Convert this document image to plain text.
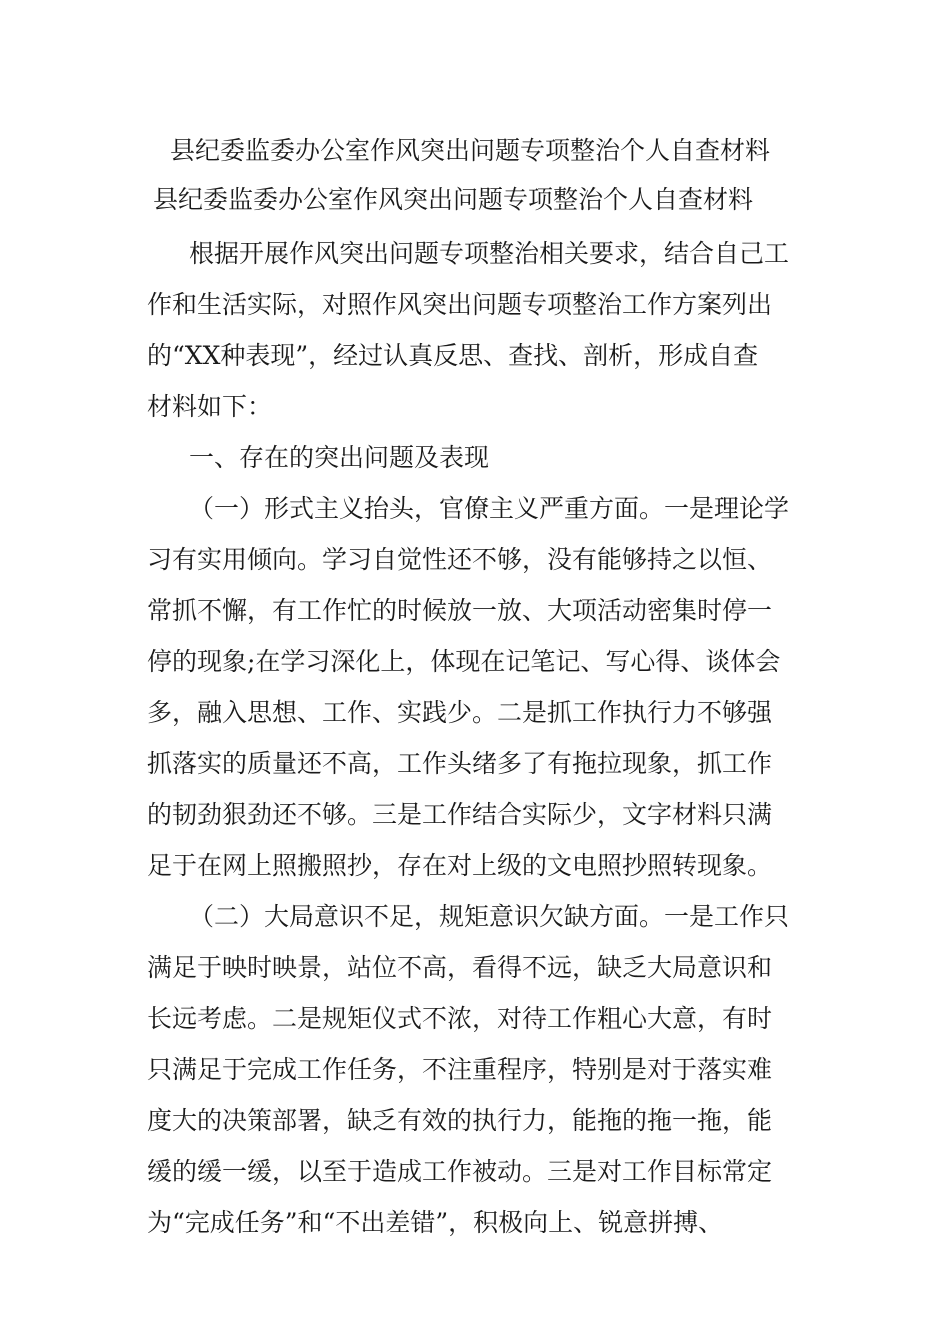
县纪委监委办公室作风突出问题专项整治个人自查材料
县纪委监委办公室作风突出问题专项整治个人自查材料
根据开展作风突出问题专项整治相关要求，结合自己工
作和生活实际，对照作风突出问题专项整治工作方案列出
的“XX种表现”，经过认真反思、查找、剖析，形成自查
材料如下：
一、存在的突出问题及表现
（一）形式主义抬头，官僚主义严重方面。一是理论学
习有实用倾向。学习自觉性还不够，没有能够持之以恒、
常抓不懈，有工作忙的时候放一放、大项活动密集时停一
停的现象;在学习深化上，体现在记笔记、写心得、谈体会
多，融入思想、工作、实践少。二是抓工作执行力不够强
抓落实的质量还不高，工作头绪多了有拖拉现象，抓工作
的韧劲狠劲还不够。三是工作结合实际少，文字材料只满
足于在网上照搬照抄，存在对上级的文电照抄照转现象。
（二）大局意识不足，规矩意识欠缺方面。一是工作只
满足于映时映景，站位不高，看得不远，缺乏大局意识和
长远考虑。二是规矩仪式不浓，对待工作粗心大意，有时
只满足于完成工作任务，不注重程序，特别是对于落实难
度大的决策部署，缺乏有效的执行力，能拖的拖一拖，能
缓的缓一缓，以至于造成工作被动。三是对工作目标常定
为“完成任务”和“不出差错”，积极向上、锐意拼搏、
